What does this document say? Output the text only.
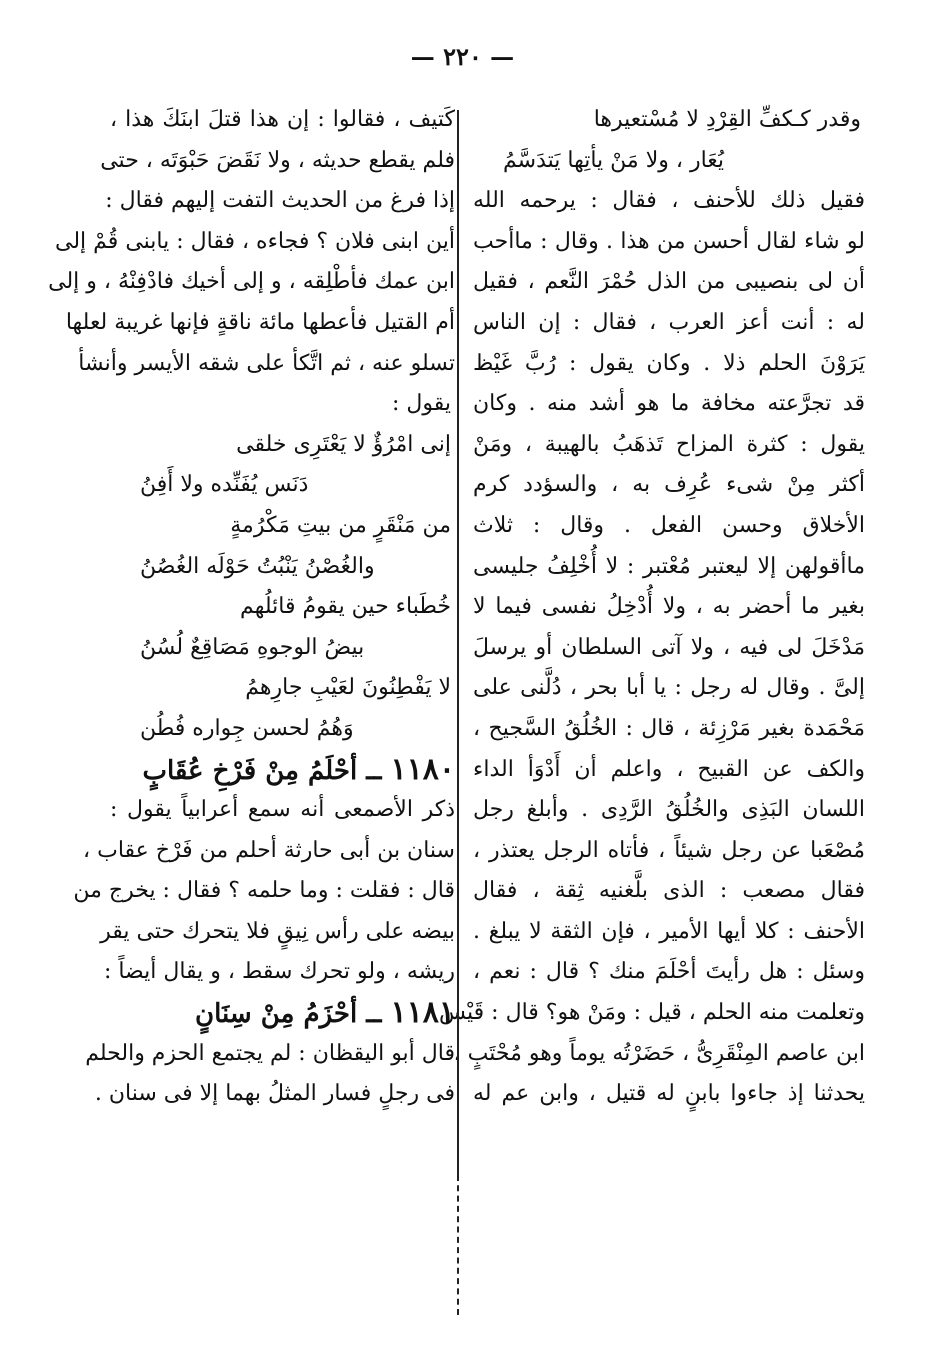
— ٢٢٠ —
وقدر كـكفِّ القِرْدِ لا مُسْتعيرها
يُعَار ، ولا مَنْ يأتِها يَتدَسَّمُ
فقيل ذلك للأحنف ، فقال : يرحمه الله
لو شاء لقال أحسن من هذا . وقال : ماأحب
أن لى بنصيبى من الذل حُمْرَ النَّعم ، فقيل
له : أنت أعز العرب ، فقال : إن الناس
يَرَوْنَ الحلم ذلا . وكان يقول : رُبَّ غَيْظ
قد تجرَّعته مخافة ما هو أشد منه . وكان
يقول : كثرة المزاح تَذهَبُ بالهيبة ، ومَنْ
أكثر مِنْ شىء عُرِف به ، والسؤدد كرم
الأخلاق وحسن الفعل . وقال : ثلاث
ماأقولهن إلا ليعتبر مُعْتبر : لا أُخْلِفُ جليسى
بغير ما أحضر به ، ولا أُدْخِلُ نفسى فيما لا
مَدْخَلَ لى فيه ، ولا آتى السلطان أو يرسلَ
إلىَّ . وقال له رجل : يا أبا بحر ، دُلَّنى على
مَحْمَدة بغير مَرْزِئة ، قال : الخُلُقُ السَّجيح ،
والكف عن القبيح ، واعلم أن أَدْوَأ الداء
اللسان البَذِى والخُلُقُ الرَّدِى . وأبلغ رجل
مُصْعَبا عن رجل شيئاً ، فأتاه الرجل يعتذر ،
فقال مصعب : الذى بلَّغنيه ثِقة ، فقال
الأحنف : كلا أيها الأمير ، فإن الثقة لا يبلغ .
وسئل : هل رأيتَ أحْلَمَ منك ؟ قال : نعم ،
وتعلمت منه الحلم ، قيل : ومَنْ هو؟ قال : قَيْس
ابن عاصم المِنْقَرِىُّ ، حَضَرْتُه يوماً وهو مُحْتَبٍ ،
يحدثنا إذ جاءوا بابنٍ له قتيل ، وابن عم له
كَتيف ، فقالوا : إن هذا قتلَ ابنَكَ هذا ،
فلم يقطع حديثه ، ولا نَقَضَ حَبْوَتَه ، حتى
إذا فرغ من الحديث التفت إليهم فقال :
أين ابنى فلان ؟ فجاءه ، فقال : يابنى قُمْ إلى
ابن عمك فأطْلِقه ، و إلى أخيك فادْفِنْهُ ، و إلى
أم القتيل فأعطها مائة ناقةٍ فإنها غريبة لعلها
تسلو عنه ، ثم اتَّكأ على شقه الأيسر وأنشأ
يقول :
إنى امْرُؤٌ لا يَعْتَرِى خلقى
دَنَس يُفَنِّده ولا أَفِنُ
من مَنْقَرٍ من بيتِ مَكْرُمةٍ
والغُصْنُ يَنْبُتُ حَوْلَه الغُصُنُ
خُطَباء حين يقومُ قائلُهم
بيضُ الوجوهِ مَصَاقِعٌ لُسُنُ
لا يَفْطِنُونَ لعَيْبِ جارِهمُ
وَهُمُ لحسن جِواره فُطُن
١١٨٠ ــ أحْلَمُ مِنْ فَرْخِ عُقَابٍ
ذكر الأصمعى أنه سمع أعرابياً يقول :
سنان بن أبى حارثة أحلم من فَرْخ عقاب ،
قال : فقلت : وما حلمه ؟ فقال : يخرج من
بيضه على رأس نِيقٍ فلا يتحرك حتى يقر
ريشه ، ولو تحرك سقط ، و يقال أيضاً :
١١٨١ ــ أحْزَمُ مِنْ سِنَانٍ
قال أبو اليقظان : لم يجتمع الحزم والحلم
فى رجلٍ فسار المثلُ بهما إلا فى سنان .
